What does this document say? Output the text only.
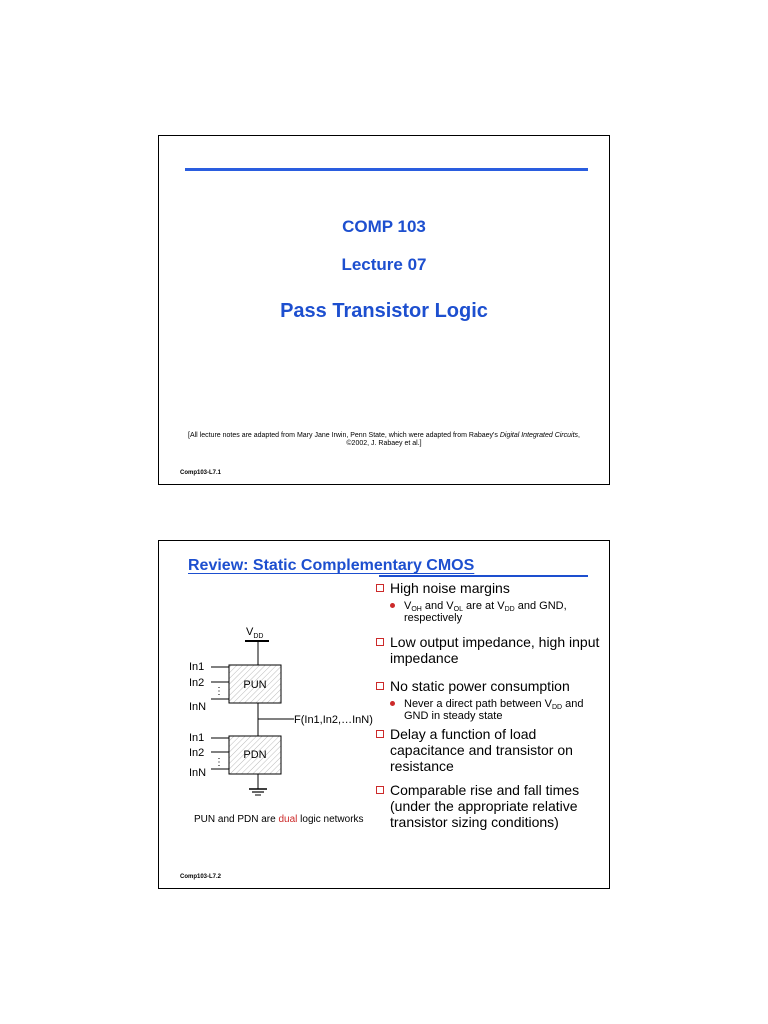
COMP 103
Lecture 07
Pass Transistor Logic
[All lecture notes are adapted from Mary Jane Irwin, Penn State, which were adapted from Rabaey's Digital Integrated Circuits, ©2002, J. Rabaey et al.]
Comp103-L7.1
Review: Static Complementary CMOS
$V_{DD}$
PUN
In1
In2
⋮
InN
F(In1,In2,…InN)
PDN
In1
In2
⋮
InN
PUN and PDN are dual logic networks
High noise margins
$V_{OH}$ and $V_{OL}$ are at $V_{DD}$ and GND, respectively
Low output impedance, high input impedance
No static power consumption
Never a direct path between $V_{DD}$ and GND in steady state
Delay a function of load capacitance and transistor on resistance
Comparable rise and fall times (under the appropriate relative transistor sizing conditions)
Comp103-L7.2
